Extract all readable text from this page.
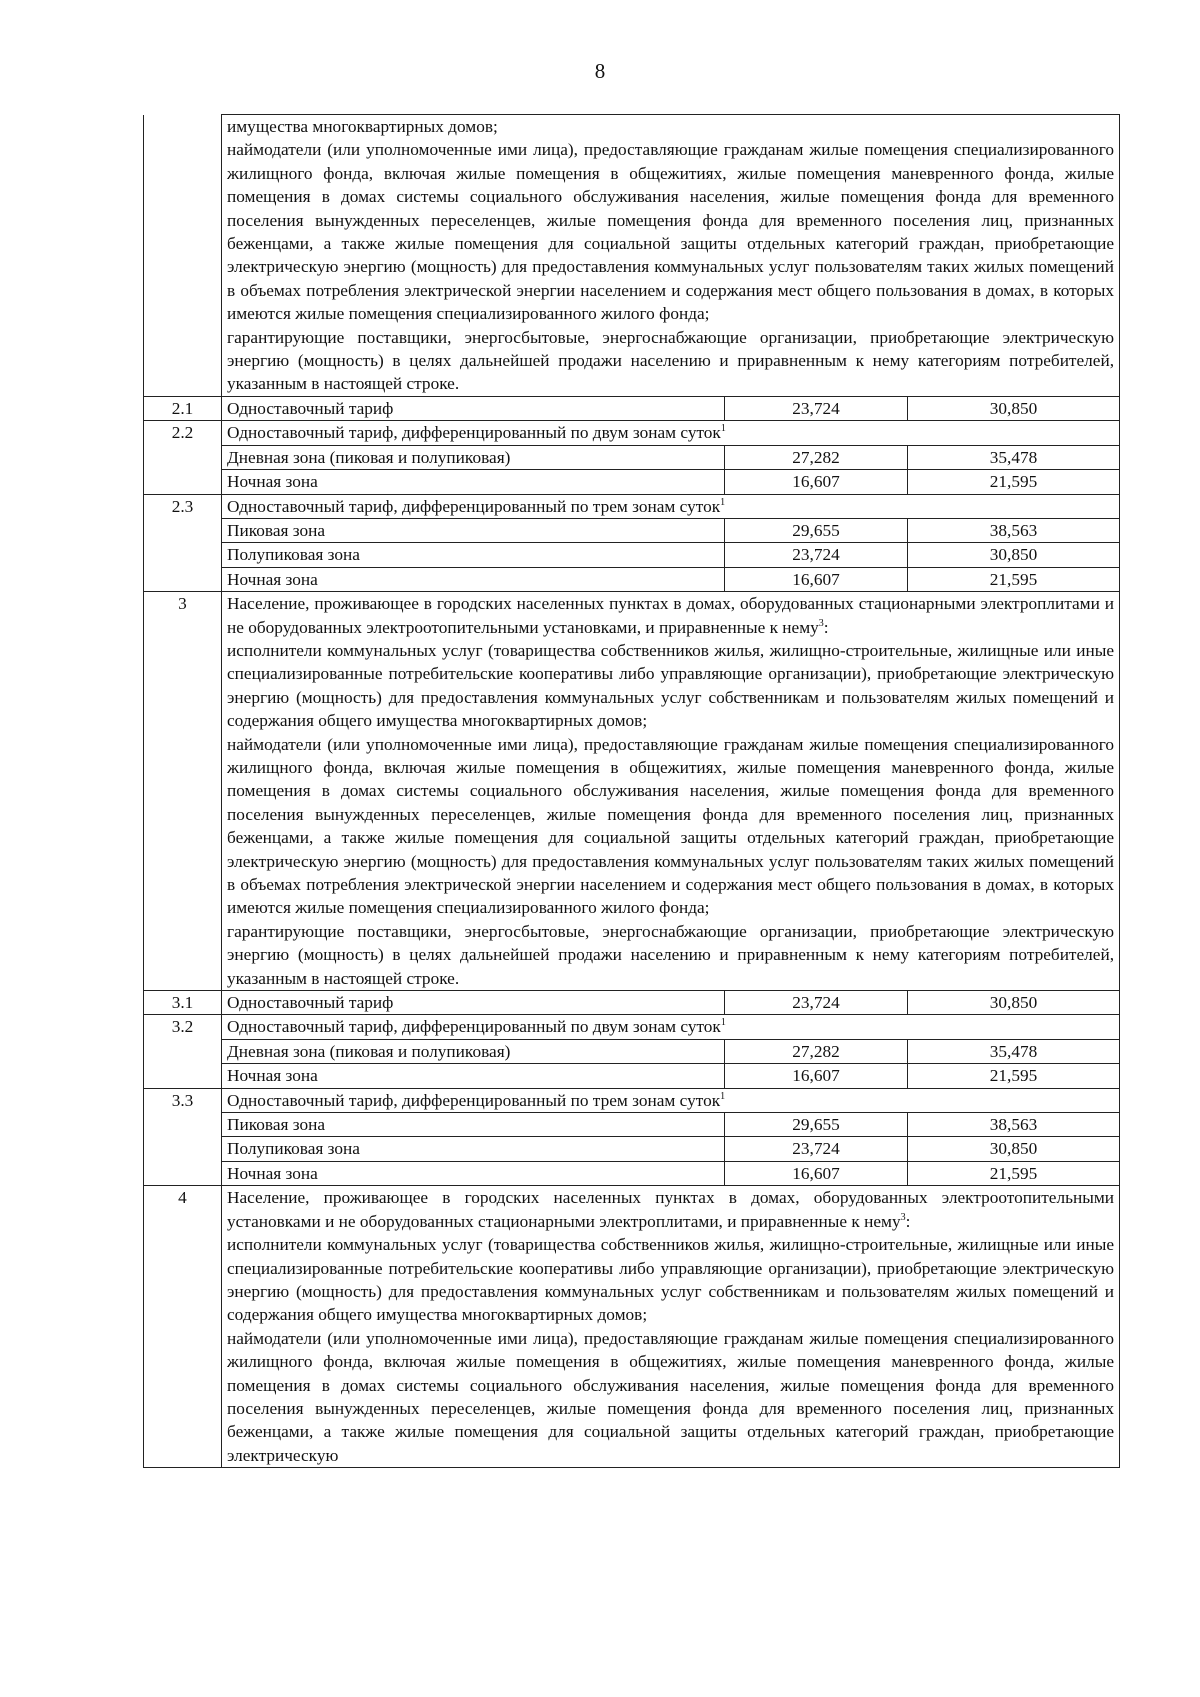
8

	имущества многоквартирных домов;
наймодатели (или уполномоченные ими лица), предоставляющие гражданам жилые помещения специализированного жилищного фонда, включая жилые помещения в общежитиях, жилые помещения маневренного фонда, жилые помещения в домах системы социального обслуживания населения, жилые помещения фонда для временного поселения вынужденных переселенцев, жилые помещения фонда для временного поселения лиц, признанных беженцами, а также жилые помещения для социальной защиты отдельных категорий граждан, приобретающие электрическую энергию (мощность) для предоставления коммунальных услуг пользователям таких жилых помещений в объемах потребления электрической энергии населением и содержания мест общего пользования в домах, в которых имеются жилые помещения специализированного жилого фонда;
гарантирующие поставщики, энергосбытовые, энергоснабжающие организации, приобретающие электрическую энергию (мощность) в целях дальнейшей продажи населению и приравненным к нему категориям потребителей, указанным в настоящей строке.		

2.1	Одноставочный тариф	23,724	30,850
2.2	Одноставочный тариф, дифференцированный по двум зонам суток$^1$
	Дневная зона (пиковая и полупиковая)	27,282	35,478
	Ночная зона	16,607	21,595
2.3	Одноставочный тариф, дифференцированный по трем зонам суток$^1$
	Пиковая зона	29,655	38,563
	Полупиковая зона	23,724	30,850
	Ночная зона	16,607	21,595
3	Население, проживающее в городских населенных пунктах в домах, оборудованных стационарными электроплитами и не оборудованных электроотопительными установками, и приравненные к нему$^3$:
исполнители коммунальных услуг (товарищества собственников жилья, жилищно-строительные, жилищные или иные специализированные потребительские кооперативы либо управляющие организации), приобретающие электрическую энергию (мощность) для предоставления коммунальных услуг собственникам и пользователям жилых помещений и содержания общего имущества многоквартирных домов;
наймодатели (или уполномоченные ими лица), предоставляющие гражданам жилые помещения специализированного жилищного фонда, включая жилые помещения в общежитиях, жилые помещения маневренного фонда, жилые помещения в домах системы социального обслуживания населения, жилые помещения фонда для временного поселения вынужденных переселенцев, жилые помещения фонда для временного поселения лиц, признанных беженцами, а также жилые помещения для социальной защиты отдельных категорий граждан, приобретающие электрическую энергию (мощность) для предоставления коммунальных услуг пользователям таких жилых помещений в объемах потребления электрической энергии населением и содержания мест общего пользования в домах, в которых имеются жилые помещения специализированного жилого фонда;
гарантирующие поставщики, энергосбытовые, энергоснабжающие организации, приобретающие электрическую энергию (мощность) в целях дальнейшей продажи населению и приравненным к нему категориям потребителей, указанным в настоящей строке.		

3.1	Одноставочный тариф	23,724	30,850
3.2	Одноставочный тариф, дифференцированный по двум зонам суток$^1$
	Дневная зона (пиковая и полупиковая)	27,282	35,478
	Ночная зона	16,607	21,595
3.3	Одноставочный тариф, дифференцированный по трем зонам суток$^1$
	Пиковая зона	29,655	38,563
	Полупиковая зона	23,724	30,850
	Ночная зона	16,607	21,595
4	Население, проживающее в городских населенных пунктах в домах, оборудованных электроотопительными установками и не оборудованных стационарными электроплитами, и приравненные к нему$^3$:
исполнители коммунальных услуг (товарищества собственников жилья, жилищно-строительные, жилищные или иные специализированные потребительские кооперативы либо управляющие организации), приобретающие электрическую энергию (мощность) для предоставления коммунальных услуг собственникам и пользователям жилых помещений и содержания общего имущества многоквартирных домов;
наймодатели (или уполномоченные ими лица), предоставляющие гражданам жилые помещения специализированного жилищного фонда, включая жилые помещения в общежитиях, жилые помещения маневренного фонда, жилые помещения в домах системы социального обслуживания населения, жилые помещения фонда для временного поселения вынужденных переселенцев, жилые помещения фонда для временного поселения лиц, признанных беженцами, а также жилые помещения для социальной защиты отдельных категорий граждан, приобретающие электрическую		
